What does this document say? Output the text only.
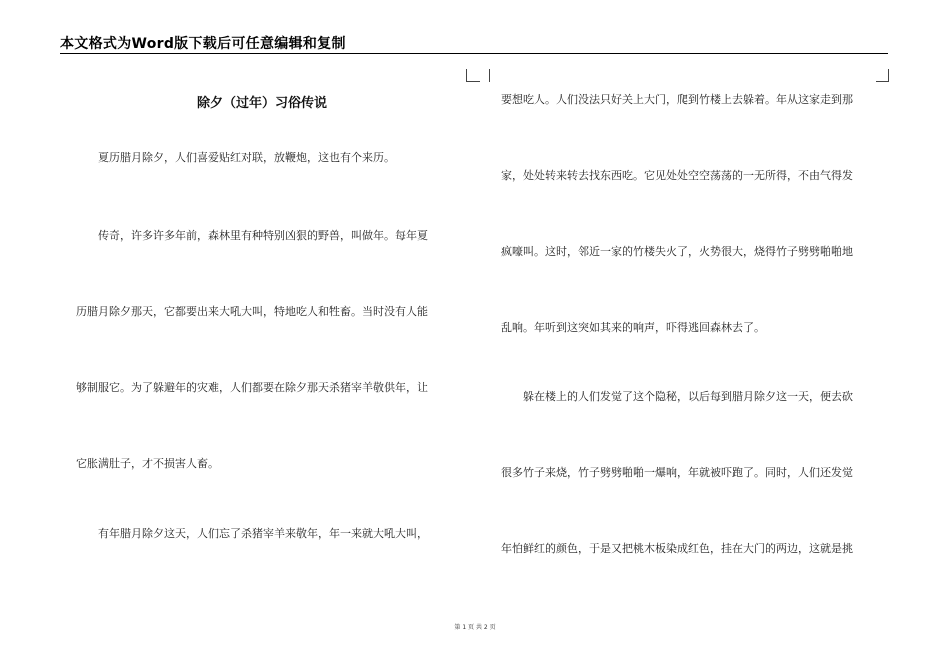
本文格式为Word版下载后可任意编辑和复制
除夕（过年）习俗传说
　　夏历腊月除夕，人们喜爱贴红对联，放鞭炮，这也有个来历。
　　传奇，许多许多年前，森林里有种特别凶狠的野兽，叫做年。每年夏
历腊月除夕那天，它都要出来大吼大叫，特地吃人和牲畜。当时没有人能
够制服它。为了躲避年的灾难，人们都要在除夕那天杀猪宰羊敬供年，让
它胀满肚子，才不损害人畜。
　　有年腊月除夕这天，人们忘了杀猪宰羊来敬年，年一来就大吼大叫，
要想吃人。人们没法只好关上大门，爬到竹楼上去躲着。年从这家走到那
家，处处转来转去找东西吃。它见处处空空荡荡的一无所得，不由气得发
疯嚎叫。这时，邻近一家的竹楼失火了，火势很大，烧得竹子劈劈啪啪地
乱响。年听到这突如其来的响声，吓得逃回森林去了。
　　躲在楼上的人们发觉了这个隐秘，以后每到腊月除夕这一天，便去砍
很多竹子来烧，竹子劈劈啪啪一爆响，年就被吓跑了。同时，人们还发觉
年怕鲜红的颜色，于是又把桃木板染成红色，挂在大门的两边，这就是挑
第 1 页 共 2 页
